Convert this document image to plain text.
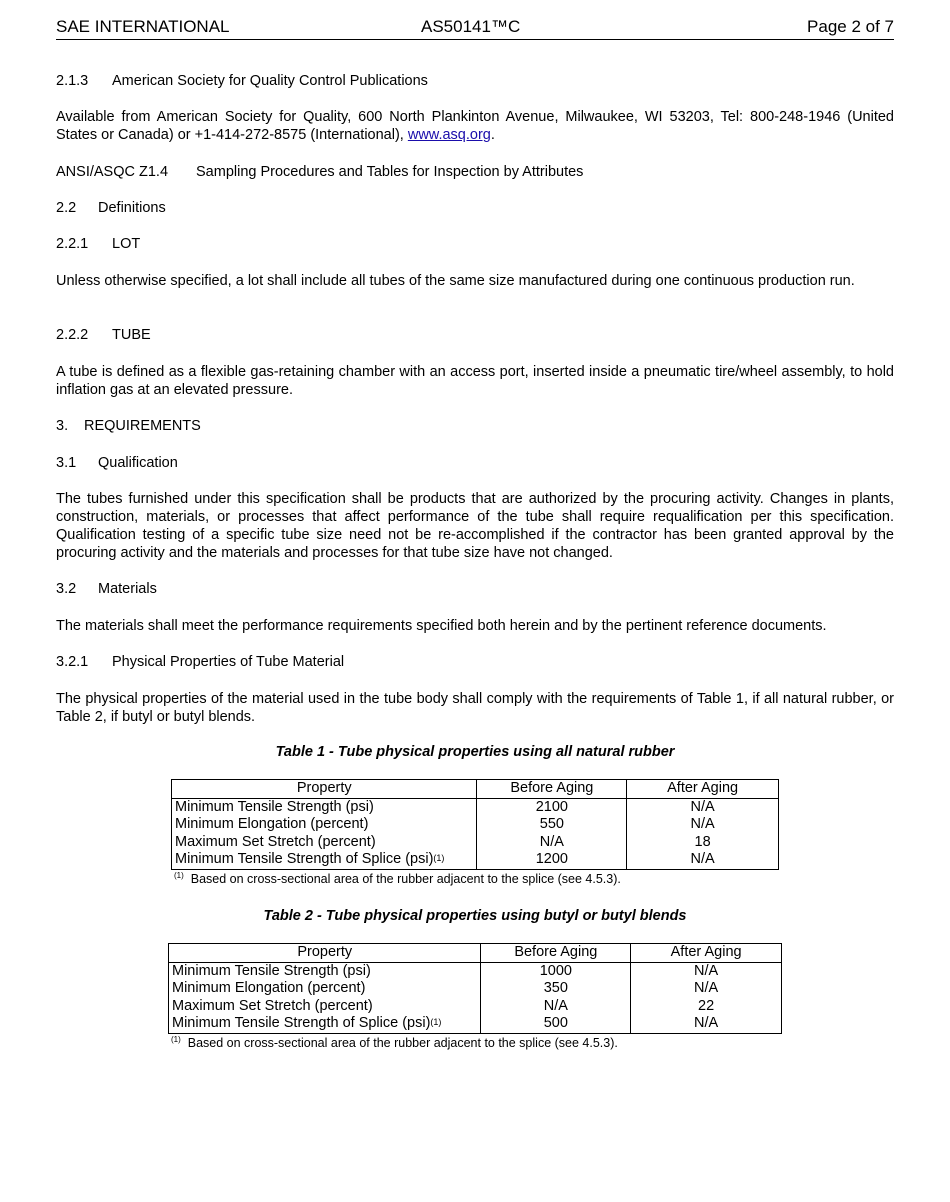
SAE INTERNATIONAL	AS50141™C	Page 2 of 7
2.1.3 American Society for Quality Control Publications
Available from American Society for Quality, 600 North Plankinton Avenue, Milwaukee, WI 53203, Tel: 800-248-1946 (United States or Canada) or +1-414-272-8575 (International), www.asq.org.
ANSI/ASQC Z1.4 Sampling Procedures and Tables for Inspection by Attributes
2.2 Definitions
2.2.1 LOT
Unless otherwise specified, a lot shall include all tubes of the same size manufactured during one continuous production run.
2.2.2 TUBE
A tube is defined as a flexible gas-retaining chamber with an access port, inserted inside a pneumatic tire/wheel assembly, to hold inflation gas at an elevated pressure.
3. REQUIREMENTS
3.1 Qualification
The tubes furnished under this specification shall be products that are authorized by the procuring activity. Changes in plants, construction, materials, or processes that affect performance of the tube shall require requalification per this specification. Qualification testing of a specific tube size need not be re-accomplished if the contractor has been granted approval by the procuring activity and the materials and processes for that tube size have not changed.
3.2 Materials
The materials shall meet the performance requirements specified both herein and by the pertinent reference documents.
3.2.1 Physical Properties of Tube Material
The physical properties of the material used in the tube body shall comply with the requirements of Table 1, if all natural rubber, or Table 2, if butyl or butyl blends.
Table 1 - Tube physical properties using all natural rubber
Property	Before Aging	After Aging
Minimum Tensile Strength (psi)	2100	N/A
Minimum Elongation (percent)	550	N/A
Maximum Set Stretch (percent)	N/A	18
Minimum Tensile Strength of Splice (psi)$^{(1)}$	1200	N/A
$^{(1)}$ Based on cross-sectional area of the rubber adjacent to the splice (see 4.5.3).
Table 2 - Tube physical properties using butyl or butyl blends
Property	Before Aging	After Aging
Minimum Tensile Strength (psi)	1000	N/A
Minimum Elongation (percent)	350	N/A
Maximum Set Stretch (percent)	N/A	22
Minimum Tensile Strength of Splice (psi)$^{(1)}$	500	N/A
$^{(1)}$ Based on cross-sectional area of the rubber adjacent to the splice (see 4.5.3).
